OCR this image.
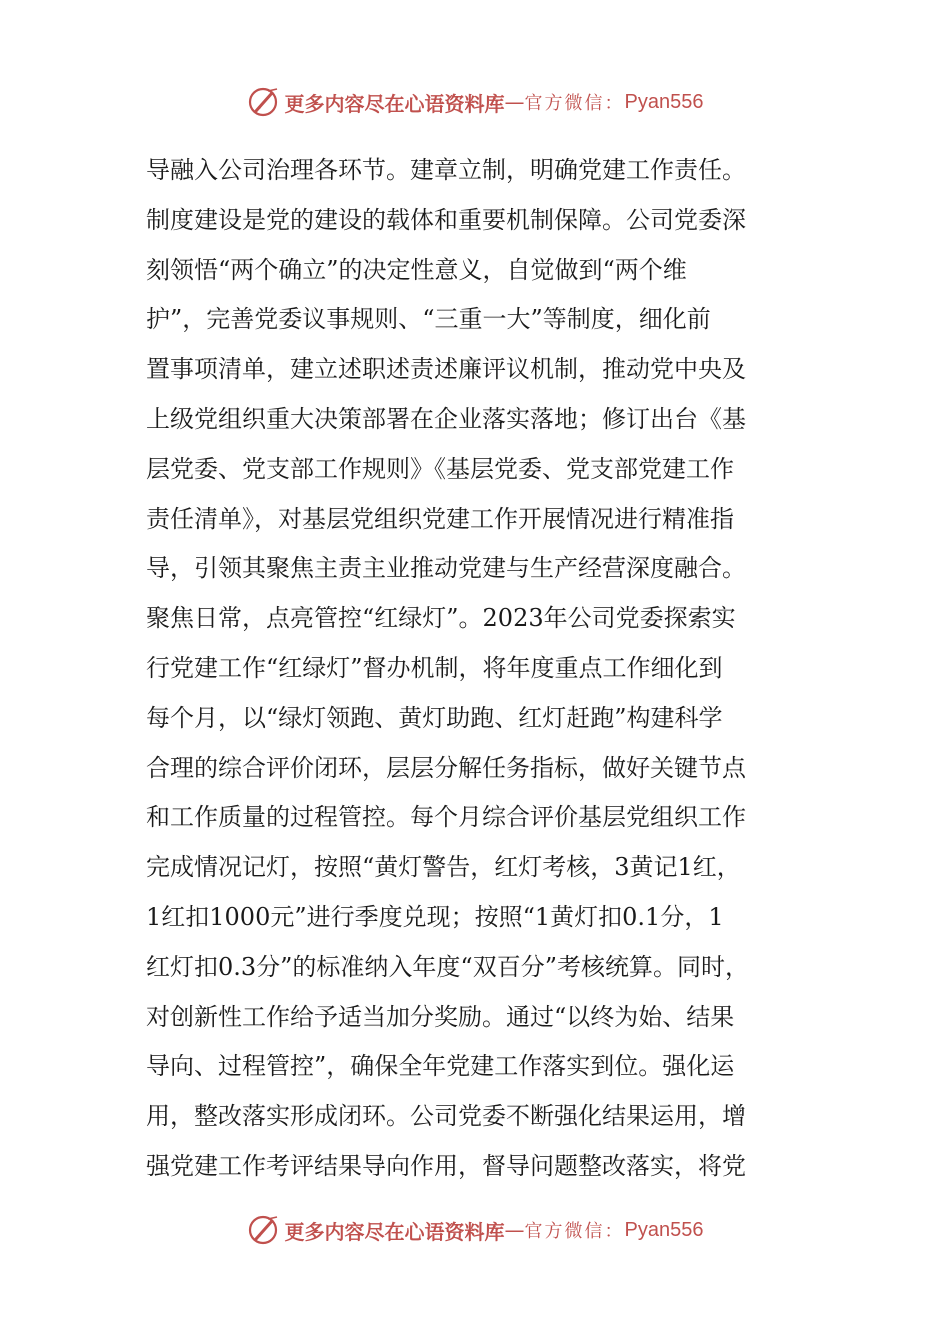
更多内容尽在心语资料库 — 官方微信： Pyan556
导融入公司治理各环节。建章立制，明确党建工作责任。
制度建设是党的建设的载体和重要机制保障。公司党委深
刻领悟“两个确立”的决定性意义，自觉做到“两个维
护”，完善党委议事规则、“三重一大”等制度，细化前
置事项清单，建立述职述责述廉评议机制，推动党中央及
上级党组织重大决策部署在企业落实落地；修订出台《基
层党委、党支部工作规则》《基层党委、党支部党建工作
责任清单》，对基层党组织党建工作开展情况进行精准指
导，引领其聚焦主责主业推动党建与生产经营深度融合。
聚焦日常，点亮管控“红绿灯”。2023年公司党委探索实
行党建工作“红绿灯”督办机制，将年度重点工作细化到
每个月，以“绿灯领跑、黄灯助跑、红灯赶跑”构建科学
合理的综合评价闭环，层层分解任务指标，做好关键节点
和工作质量的过程管控。每个月综合评价基层党组织工作
完成情况记灯，按照“黄灯警告，红灯考核，3黄记1红，
1红扣1000元”进行季度兑现；按照“1黄灯扣0.1分，1
红灯扣0.3分”的标准纳入年度“双百分”考核统算。同时，
对创新性工作给予适当加分奖励。通过“以终为始、结果
导向、过程管控”，确保全年党建工作落实到位。强化运
用，整改落实形成闭环。公司党委不断强化结果运用，增
强党建工作考评结果导向作用，督导问题整改落实，将党
更多内容尽在心语资料库 — 官方微信： Pyan556
